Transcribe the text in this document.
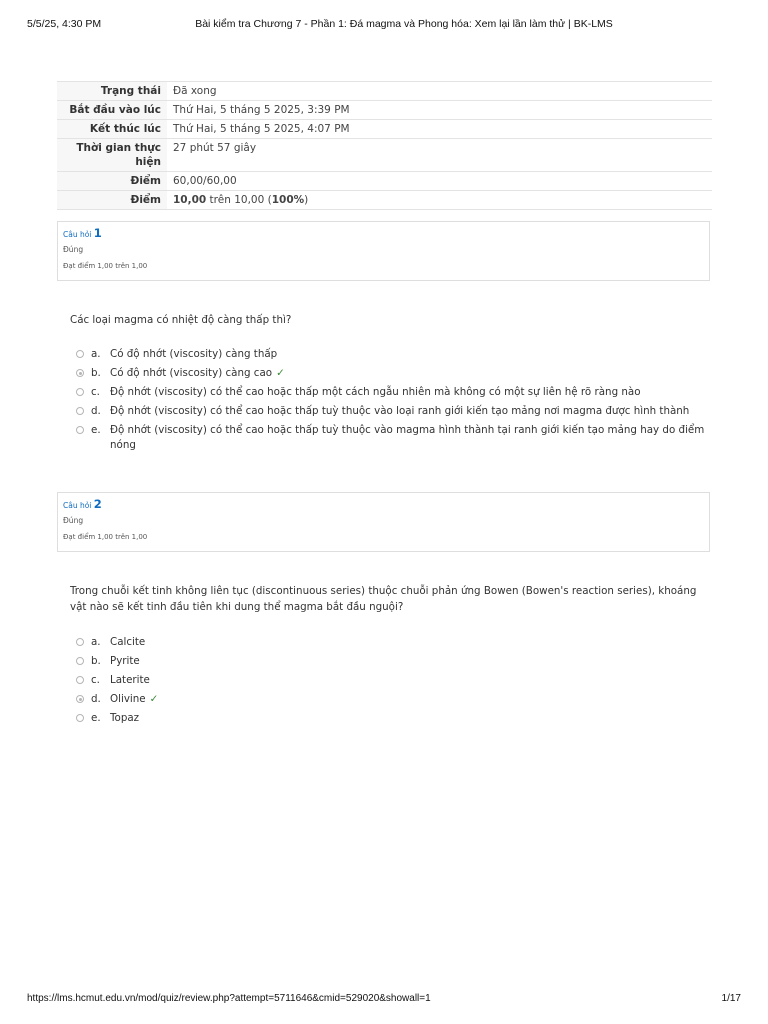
5/5/25, 4:30 PM	Bài kiểm tra Chương 7 - Phần 1: Đá magma và Phong hóa: Xem lại lần làm thử | BK-LMS
Trạng thái	Đã xong
Bắt đầu vào lúc	Thứ Hai, 5 tháng 5 2025, 3:39 PM
Kết thúc lúc	Thứ Hai, 5 tháng 5 2025, 4:07 PM
Thời gian thực hiện	27 phút 57 giây
Điểm	60,00/60,00
Điểm	10,00 trên 10,00 (100%)
Câu hỏi 1
Đúng
Đạt điểm 1,00 trên 1,00
Các loại magma có nhiệt độ càng thấp thì?
a. Có độ nhớt (viscosity) càng thấp
b. Có độ nhớt (viscosity) càng cao ✓
c. Độ nhớt (viscosity) có thể cao hoặc thấp một cách ngẫu nhiên mà không có một sự liên hệ rõ ràng nào
d. Độ nhớt (viscosity) có thể cao hoặc thấp tuỳ thuộc vào loại ranh giới kiến tạo mảng nơi magma được hình thành
e. Độ nhớt (viscosity) có thể cao hoặc thấp tuỳ thuộc vào magma hình thành tại ranh giới kiến tạo mảng hay do điểm nóng
Câu hỏi 2
Đúng
Đạt điểm 1,00 trên 1,00
Trong chuỗi kết tinh không liên tục (discontinuous series) thuộc chuỗi phản ứng Bowen (Bowen's reaction series), khoáng vật nào sẽ kết tinh đầu tiên khi dung thể magma bắt đầu nguội?
a. Calcite
b. Pyrite
c. Laterite
d. Olivine ✓
e. Topaz
https://lms.hcmut.edu.vn/mod/quiz/review.php?attempt=5711646&cmid=529020&showall=1	1/17
